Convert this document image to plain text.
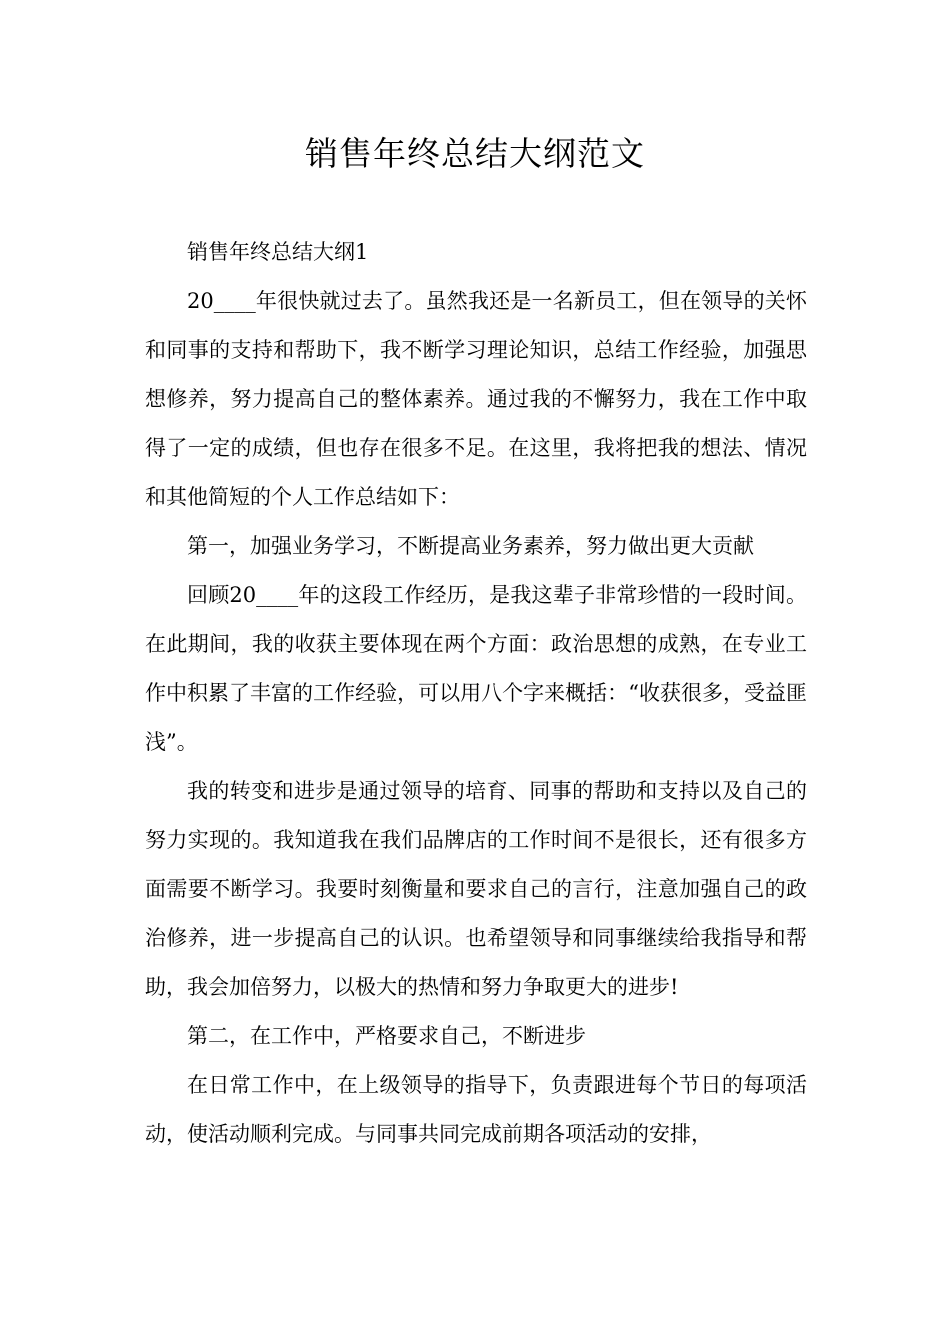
销售年终总结大纲范文

销售年终总结大纲1

20____年很快就过去了。虽然我还是一名新员工，但在领导的关怀和同事的支持和帮助下，我不断学习理论知识，总结工作经验，加强思想修养，努力提高自己的整体素养。通过我的不懈努力，我在工作中取得了一定的成绩，但也存在很多不足。在这里，我将把我的想法、情况和其他简短的个人工作总结如下：

第一，加强业务学习，不断提高业务素养，努力做出更大贡献

回顾20____年的这段工作经历，是我这辈子非常珍惜的一段时间。在此期间，我的收获主要体现在两个方面：政治思想的成熟，在专业工作中积累了丰富的工作经验，可以用八个字来概括：“收获很多，受益匪浅”。

我的转变和进步是通过领导的培育、同事的帮助和支持以及自己的努力实现的。我知道我在我们品牌店的工作时间不是很长，还有很多方面需要不断学习。我要时刻衡量和要求自己的言行，注意加强自己的政治修养，进一步提高自己的认识。也希望领导和同事继续给我指导和帮助，我会加倍努力，以极大的热情和努力争取更大的进步!

第二，在工作中，严格要求自己，不断进步

在日常工作中，在上级领导的指导下，负责跟进每个节日的每项活动，使活动顺利完成。与同事共同完成前期各项活动的安排，
